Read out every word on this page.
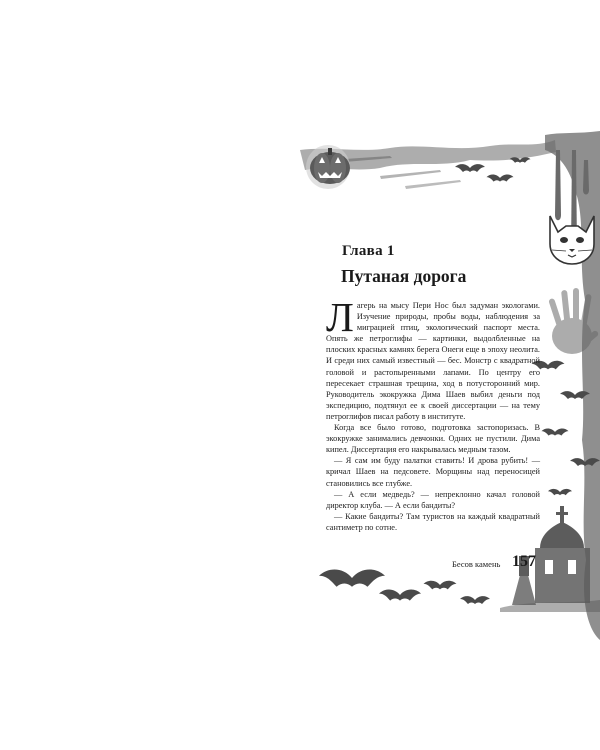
Глава 1
Путаная дорога

Лагерь на мысу Пери Нос был задуман экологами. Изучение природы, пробы воды, наблюдения за миграцией птиц, экологический паспорт места. Опять же петроглифы — картинки, выдолбленные на плоских красных камнях берега Онеги еще в эпоху неолита. И среди них самый известный — бес. Монстр с квадратной головой и растопыренными лапами. По центру его пересекает страшная трещина, ход в потусторонний мир. Руководитель экокружка Дима Шаев выбил деньги под экспедицию, подтянул ее к своей диссертации — на тему петроглифов писал работу в институте.

Когда все было готово, подготовка застопоризась. В экокружке занимались девчонки. Одних не пустили. Дима кипел. Диссертация его накрывалась медным тазом.

— Я сам им буду палатки ставить! И дрова рубить! — кричал Шаев на педсовете. Морщины над переносицей становились все глубже.

— А если медведь? — непреклонно качал головой директор клуба. — А если бандиты?

— Какие бандиты? Там туристов на каждый квадратный сантиметр по сотне.

Бесов камень 157
